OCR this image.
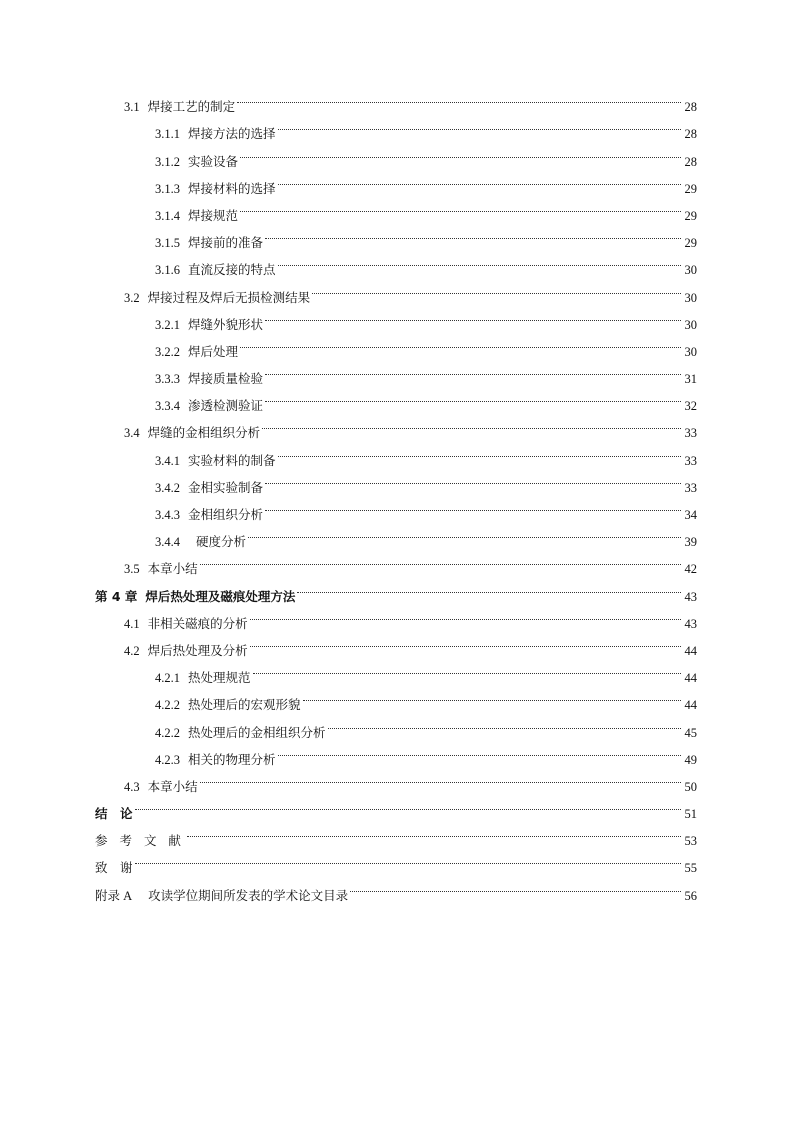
3.1 焊接工艺的制定	28
3.1.1 焊接方法的选择	28
3.1.2 实验设备	28
3.1.3 焊接材料的选择	29
3.1.4 焊接规范	29
3.1.5 焊接前的准备	29
3.1.6 直流反接的特点	30
3.2 焊接过程及焊后无损检测结果	30
3.2.1 焊缝外貌形状	30
3.2.2 焊后处理	30
3.3.3 焊接质量检验	31
3.3.4 渗透检测验证	32
3.4 焊缝的金相组织分析	33
3.4.1 实验材料的制备	33
3.4.2 金相实验制备	33
3.4.3 金相组织分析	34
3.4.4 硬度分析	39
3.5 本章小结	42
第 4 章 焊后热处理及磁痕处理方法	43
4.1 非相关磁痕的分析	43
4.2 焊后热处理及分析	44
4.2.1 热处理规范	44
4.2.2 热处理后的宏观形貌	44
4.2.2 热处理后的金相组织分析	45
4.2.3 相关的物理分析	49
4.3 本章小结	50
结　论	51
参 考 文 献	53
致　谢	55
附录 A 攻读学位期间所发表的学术论文目录	56
